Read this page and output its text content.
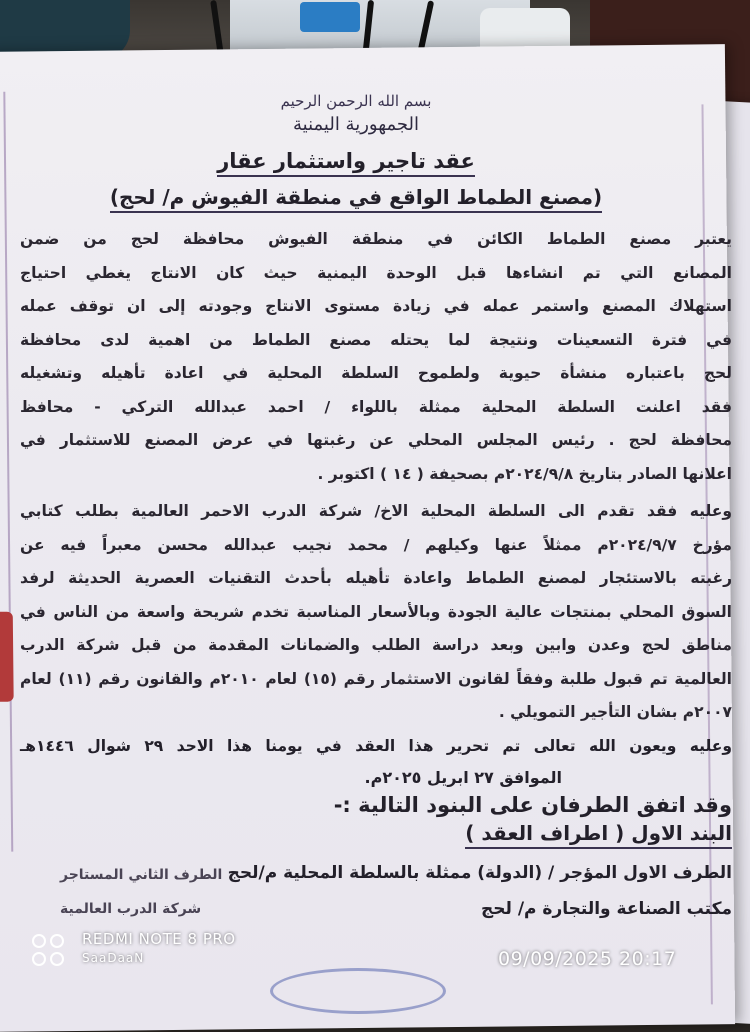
بسم الله الرحمن الرحيم
الجمهورية اليمنية
عقد تاجير واستثمار عقار
(مصنع الطماط الواقع في منطقة الفيوش م/ لحج)
يعتبر مصنع الطماط الكائن في منطقة الفيوش محافظة لحج من ضمن
المصانع التي تم انشاءها قبل الوحدة اليمنية حيث كان الانتاج يغطي احتياج
استهلاك المصنع واستمر عمله في زيادة مستوى الانتاج وجودته إلى ان توقف عمله
في فترة التسعينات ونتيجة لما يحتله مصنع الطماط من اهمية لدى محافظة
لحج باعتباره منشأة حيوية ولطموح السلطة المحلية في اعادة تأهيله وتشغيله
فقد اعلنت السلطة المحلية ممثلة باللواء / احمد عبدالله التركي - محافظ
محافظة لحج . رئيس المجلس المحلي عن رغبتها في عرض المصنع للاستثمار في
اعلانها الصادر بتاريخ ٢٠٢٤/٩/٨م بصحيفة ( ١٤ ) اكتوبر .
وعليه فقد تقدم الى السلطة المحلية الاخ/ شركة الدرب الاحمر العالمية بطلب كتابي
مؤرخ ٢٠٢٤/٩/٧م ممثلاً عنها وكيلهم / محمد نجيب عبدالله محسن معبراً فيه عن
رغبته بالاستئجار لمصنع الطماط واعادة تأهيله بأحدث التقنيات العصرية الحديثة لرفد
السوق المحلي بمنتجات عالية الجودة وبالأسعار المناسبة تخدم شريحة واسعة من الناس في
مناطق لحج وعدن وابين وبعد دراسة الطلب والضمانات المقدمة من قبل شركة الدرب
العالمية تم قبول طلبة وفقاً لقانون الاستثمار رقم (١٥) لعام ٢٠١٠م والقانون رقم (١١) لعام
٢٠٠٧م بشان التأجير التمويلي .
وعليه ويعون الله تعالى تم تحرير هذا العقد في يومنا هذا الاحد ٢٩ شوال ١٤٤٦هـ
الموافق ٢٧ ابريل ٢٠٢٥م.
وقد اتفق الطرفان على البنود التالية :-
البند الاول ( اطراف العقد )
الطرف الاول المؤجر / (الدولة) ممثلة بالسلطة المحلية م/لحج
الطرف الثاني المستاجر
مكتب الصناعة والتجارة م/ لحج
شركة الدرب العالمية
REDMI NOTE 8 PRO
SaaDaaN	09/09/2025 20:17
